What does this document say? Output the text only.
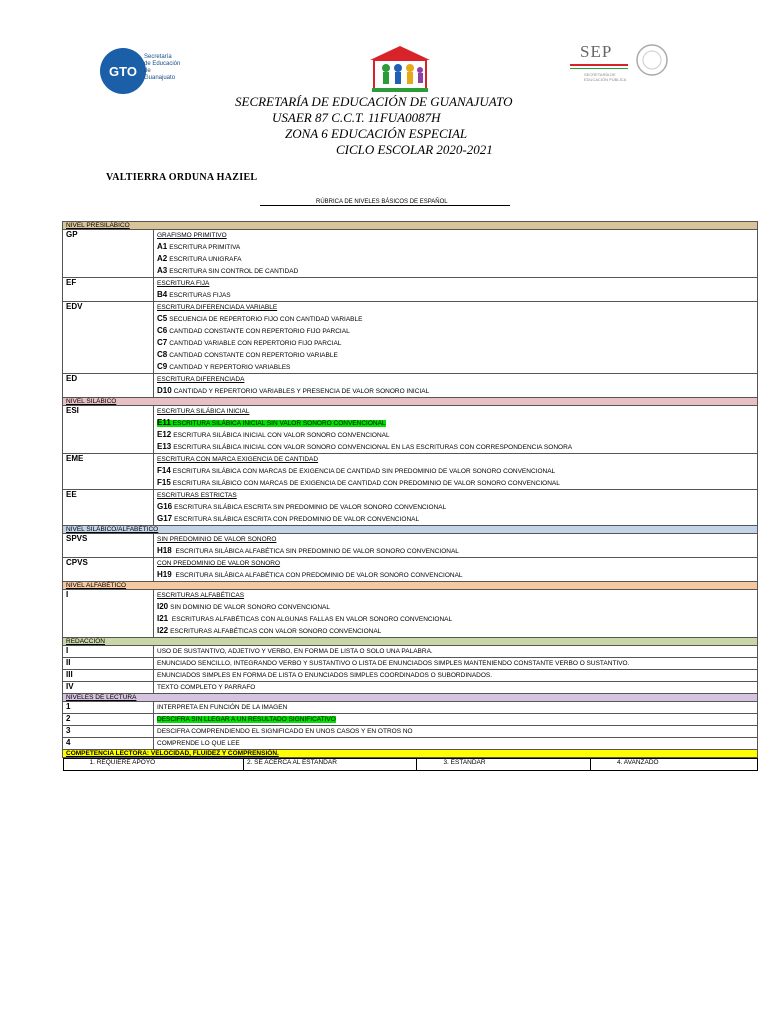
GTO
Secretaría
de Educación
de
Guanajuato
SEP
SECRETARÍA DE
EDUCACIÓN PÚBLICA
SECRETARÍA DE EDUCACIÓN DE GUANAJUATO
USAER 87 C.C.T. 11FUA0087H
ZONA 6 EDUCACIÓN ESPECIAL
CICLO ESCOLAR 2020-2021
VALTIERRA ORDUNA HAZIEL
RÚBRICA DE NIVELES BÁSICOS DE ESPAÑOL
NIVEL PRESILÁBICO
GP	GRAFISMO PRIMITIVO
A1 ESCRITURA PRIMITIVA
A2 ESCRITURA UNIGRAFA
A3 ESCRITURA SIN CONTROL DE CANTIDAD

EF	ESCRITURA FIJA
B4 ESCRITURAS FIJAS

EDV	ESCRITURA DIFERENCIADA VARIABLE
C5 SECUENCIA DE REPERTORIO FIJO CON CANTIDAD VARIABLE
C6 CANTIDAD CONSTANTE CON REPERTORIO FIJO PARCIAL
C7 CANTIDAD VARIABLE CON REPERTORIO FIJO PARCIAL
C8 CANTIDAD CONSTANTE CON REPERTORIO VARIABLE
C9 CANTIDAD Y REPERTORIO VARIABLES

ED	ESCRITURA DIFERENCIADA
D10 CANTIDAD Y REPERTORIO VARIABLES Y PRESENCIA DE VALOR SONORO INICIAL

NIVEL SILÁBICO
ESI	ESCRITURA SILÁBICA INICIAL
E11 ESCRITURA SILÁBICA INICIAL SIN VALOR SONORO CONVENCIONAL
E12 ESCRITURA SILÁBICA INICIAL CON VALOR SONORO CONVENCIONAL
E13 ESCRITURA SILÁBICA INICIAL CON VALOR SONORO CONVENCIONAL EN LAS ESCRITURAS CON CORRESPONDENCIA SONORA

EME	ESCRITURA CON MARCA EXIGENCIA DE CANTIDAD
F14 ESCRITURA SILÁBICA CON MARCAS DE EXIGENCIA DE CANTIDAD SIN PREDOMINIO DE VALOR SONORO CONVENCIONAL
F15 ESCRITURA SILÁBICO CON MARCAS DE EXIGENCIA DE CANTIDAD CON PREDOMINIO DE VALOR SONORO CONVENCIONAL

EE	ESCRITURAS ESTRICTAS
G16 ESCRITURA SILÁBICA ESCRITA SIN PREDOMINIO DE VALOR SONORO CONVENCIONAL
G17 ESCRITURA SILÁBICA ESCRITA CON PREDOMINIO DE VALOR CONVENCIONAL

NIVEL SILÁBICO/ALFABÉTICO
SPVS	SIN PREDOMINIO DE VALOR SONORO
H18 ESCRITURA SILÁBICA ALFABÉTICA SIN PREDOMINIO DE VALOR SONORO CONVENCIONAL

CPVS	CON PREDOMINIO DE VALOR SONORO
H19 ESCRITURA SILÁBICA ALFABÉTICA CON PREDOMINIO DE VALOR SONORO CONVENCIONAL

NIVEL ALFABÉTICO
I	ESCRITURAS ALFABÉTICAS
I20 SIN DOMINIO DE VALOR SONORO CONVENCIONAL
I21 ESCRITURAS ALFABÉTICAS CON ALGUNAS FALLAS EN VALOR SONORO CONVENCIONAL
I22 ESCRITURAS ALFABÉTICAS CON VALOR SONORO CONVENCIONAL

REDACCIÓN
I	USO DE SUSTANTIVO, ADJETIVO Y VERBO, EN FORMA DE LISTA O SOLO UNA PALABRA.
II	ENUNCIADO SENCILLO, INTEGRANDO VERBO Y SUSTANTIVO O LISTA DE ENUNCIADOS SIMPLES MANTENIENDO CONSTANTE VERBO O SUSTANTIVO.
III	ENUNCIADOS SIMPLES EN FORMA DE LISTA O ENUNCIADOS SIMPLES COORDINADOS O SUBORDINADOS.
IV	TEXTO COMPLETO Y PARRAFO
NIVELES DE LECTURA
1	INTERPRETA EN FUNCIÓN DE LA IMAGEN
2	DESCIFRA SIN LLEGAR A UN RESULTADO SIGNIFICATIVO
3	DESCIFRA COMPRENDIENDO EL SIGNIFICADO EN UNOS CASOS Y EN OTROS NO
4	COMPRENDE LO QUE LEE
COMPETENCIA LECTORA: VELOCIDAD, FLUIDEZ Y COMPRENSIÓN.

1. REQUIERE APOYO	2. SE ACERCA AL ESTANDAR	3. ESTANDAR	4. AVANZADO
